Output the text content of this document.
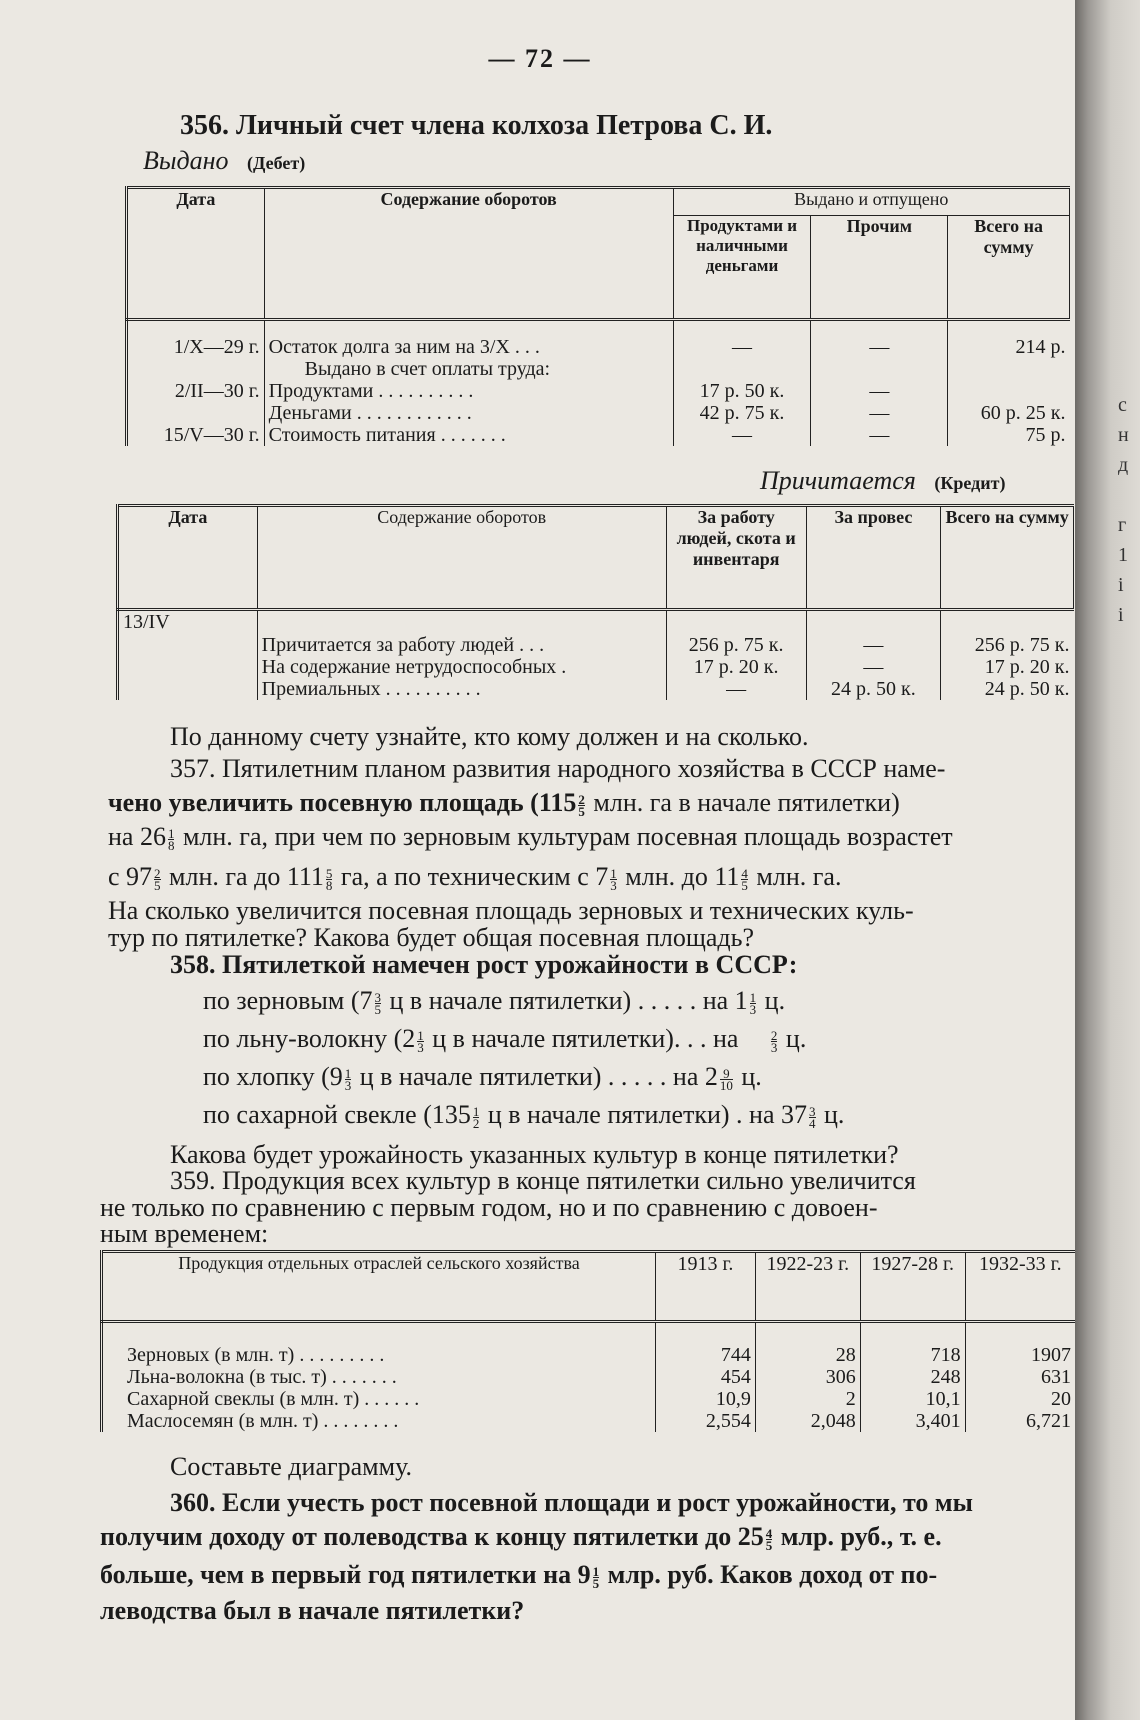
— 72 —
356. Личный счет члена колхоза Петрова С. И.
Выдано (Дебет)
Дата	Содержание оборотов	Выдано и отпущено		
		Продуктами и наличными деньгами	Прочим	Всего на сумму

1/X—29 г.	Остаток долга за ним на 3/X . . .	—	—	214 р.
	Выдано в счет оплаты труда:			
2/II—30 г.	Продуктами . . . . . . . . . .	17 р. 50 к.	—	
	Деньгами . . . . . . . . . . . .	42 р. 75 к.	—	60 р. 25 к.
15/V—30 г.	Стоимость питания . . . . . . .	—	—	75 р.
Причитается (Кредит)
Дата	Содержание оборотов	За работу людей, скота и инвентаря	За провес	Всего на сумму
13/IV				
	Причитается за работу людей . . .	256 р. 75 к.	—	256 р. 75 к.
	На содержание нетрудоспособных .	17 р. 20 к.	—	17 р. 20 к.
	Премиальных . . . . . . . . . .	—	24 р. 50 к.	24 р. 50 к.
По данному счету узнайте, кто кому должен и на сколько.
357. Пятилетним планом развития народного хозяйства в СССР наме-
чено увеличить посевную площадь ($115 \frac{2}{5}$ млн. га в начале пятилетки)
на $26 \frac{1}{8}$ млн. га, при чем по зерновым культурам посевная площадь возрастет
с $97 \frac{2}{5}$ млн. га до $111 \frac{5}{8}$ га, а по техническим с $7 \frac{1}{3}$ млн. до $11 \frac{4}{5}$ млн. га.
На сколько увеличится посевная площадь зерновых и технических куль-
тур по пятилетке? Какова будет общая посевная площадь?
358. Пятилеткой намечен рост урожайности в СССР:
по зерновым ($7 \frac{3}{5}$ ц в начале пятилетки) . . . . . на $1 \frac{1}{3} ц$.
по льну-волокну ($2 \frac{1}{3}$ ц в начале пятилетки). . . на	$\frac{2}{3} ц$.
по хлопку ($9 \frac{1}{3}$ ц в начале пятилетки) . . . . . на $2 \frac{9}{10} ц$.
по сахарной свекле ($135 \frac{1}{2}$ ц в начале пятилетки) . на $37 \frac{3}{4} ц$.
Какова будет урожайность указанных культур в конце пятилетки?
359. Продукция всех культур в конце пятилетки сильно увеличится
не только по сравнению с первым годом, но и по сравнению с довоен-
ным временем:
Продукция отдельных отраслей сельского хозяйства	1913 г.	1922-23 г.	1927-28 г.	1932-33 г.

Зерновых (в млн. т) . . . . . . . . .	744	28	718	1907
Льна-волокна (в тыс. т) . . . . . . .	454	306	248	631
Сахарной свеклы (в млн. т) . . . . . .	10,9	2	10,1	20
Маслосемян (в млн. т) . . . . . . . .	2,554	2,048	3,401	6,721
Составьте диаграмму.
360. Если учесть рост посевной площади и рост урожайности, то мы
получим доходу от полеводства к концу пятилетки до $25 \frac{4}{5}$ млр. руб., т. е.
больше, чем в первый год пятилетки на $9 \frac{1}{5}$ млр. руб. Каков доход от по-
леводства был в начале пятилетки?
с
н
д
г
1
і
і
